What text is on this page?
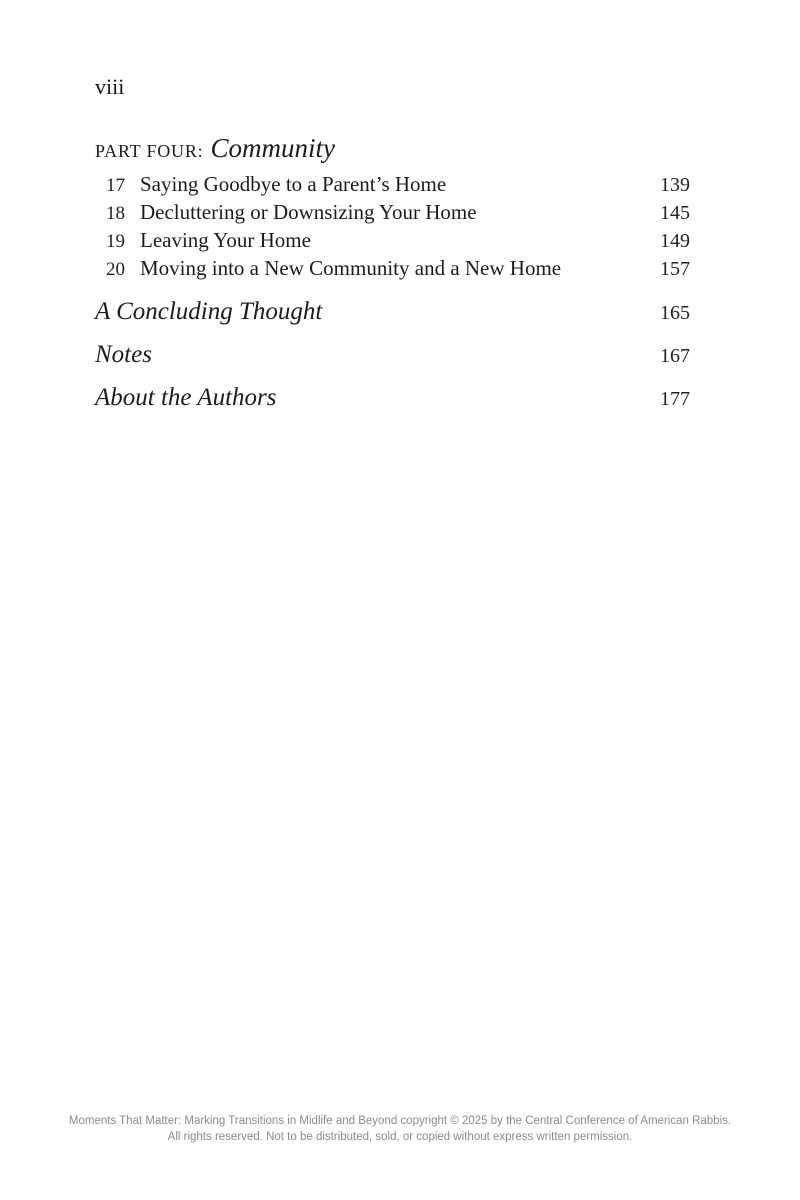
viii
PART FOUR: Community
17 Saying Goodbye to a Parent’s Home	139
18 Decluttering or Downsizing Your Home	145
19 Leaving Your Home	149
20 Moving into a New Community and a New Home	157
A Concluding Thought	165
Notes	167
About the Authors	177
Moments That Matter: Marking Transitions in Midlife and Beyond copyright © 2025 by the Central Conference of American Rabbis.
All rights reserved. Not to be distributed, sold, or copied without express written permission.
